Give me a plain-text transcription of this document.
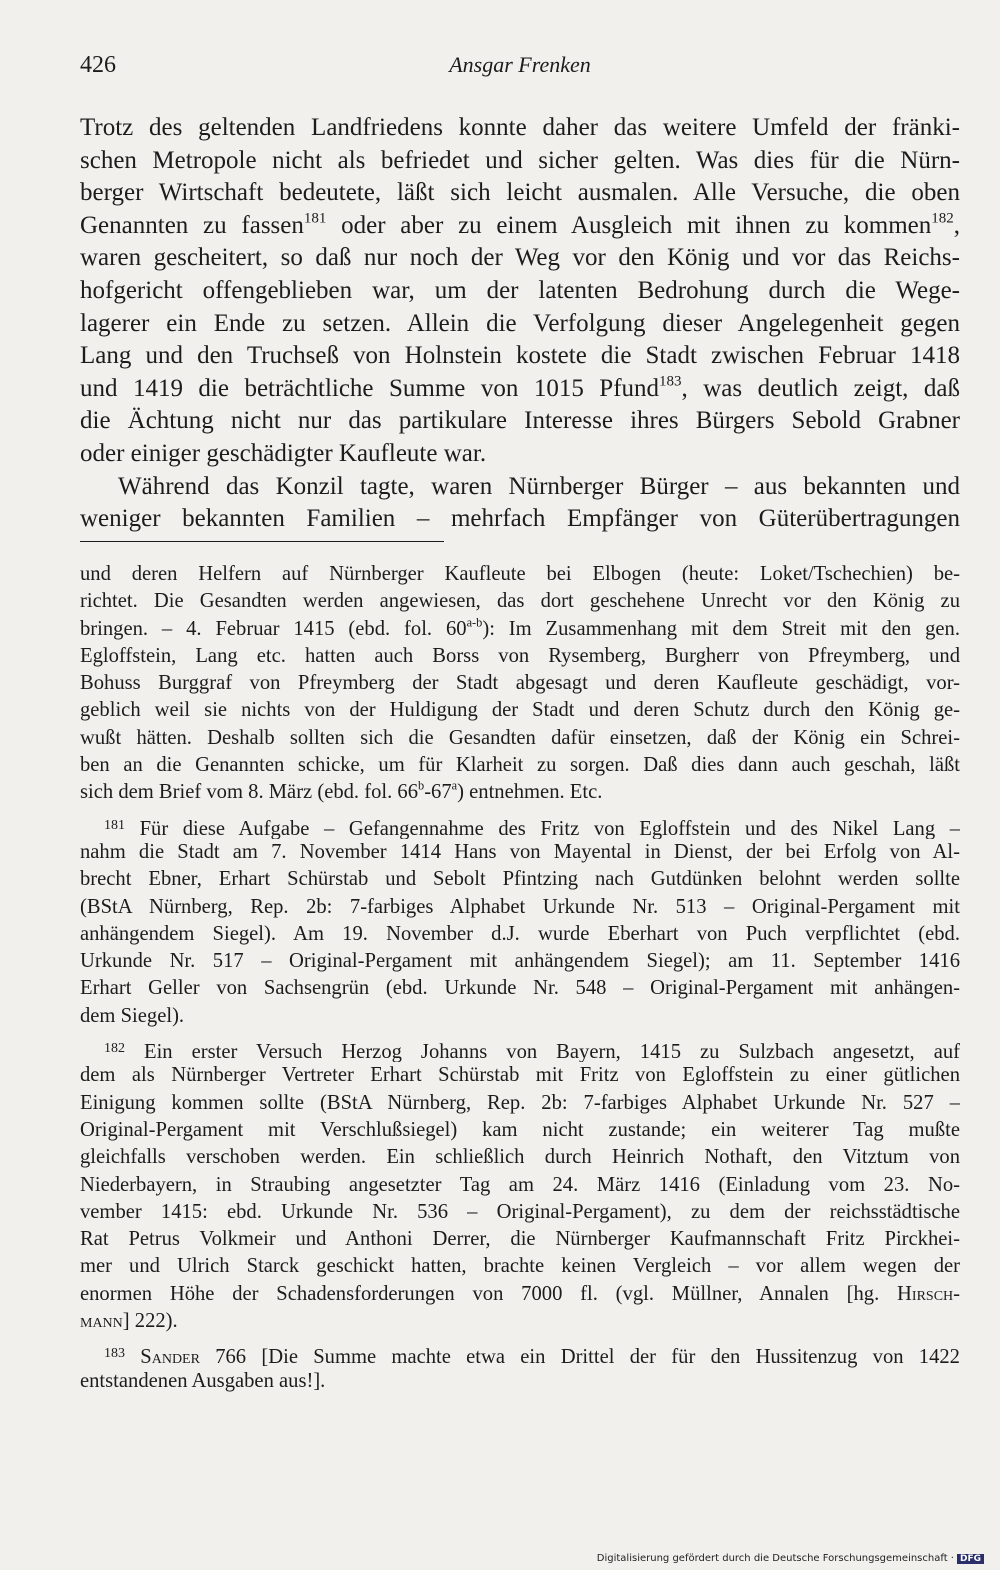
426	Ansgar Frenken
Trotz des geltenden Landfriedens konnte daher das weitere Umfeld der fränki-
schen Metropole nicht als befriedet und sicher gelten. Was dies für die Nürn-
berger Wirtschaft bedeutete, läßt sich leicht ausmalen. Alle Versuche, die oben
Genannten zu fassen$^{181}$ oder aber zu einem Ausgleich mit ihnen zu kommen$^{182}$,
waren gescheitert, so daß nur noch der Weg vor den König und vor das Reichs-
hofgericht offengeblieben war, um der latenten Bedrohung durch die Wege-
lagerer ein Ende zu setzen. Allein die Verfolgung dieser Angelegenheit gegen
Lang und den Truchseß von Holnstein kostete die Stadt zwischen Februar 1418
und 1419 die beträchtliche Summe von 1015 Pfund$^{183}$, was deutlich zeigt, daß
die Ächtung nicht nur das partikulare Interesse ihres Bürgers Sebold Grabner
oder einiger geschädigter Kaufleute war.
Während das Konzil tagte, waren Nürnberger Bürger – aus bekannten und
weniger bekannten Familien – mehrfach Empfänger von Güterübertragungen
und deren Helfern auf Nürnberger Kaufleute bei Elbogen (heute: Loket/Tschechien) be-
richtet. Die Gesandten werden angewiesen, das dort geschehene Unrecht vor den König zu
bringen. – 4. Februar 1415 (ebd. fol. 60$^{a-b}$): Im Zusammenhang mit dem Streit mit den gen.
Egloffstein, Lang etc. hatten auch Borss von Rysemberg, Burgherr von Pfreymberg, und
Bohuss Burggraf von Pfreymberg der Stadt abgesagt und deren Kaufleute geschädigt, vor-
geblich weil sie nichts von der Huldigung der Stadt und deren Schutz durch den König ge-
wußt hätten. Deshalb sollten sich die Gesandten dafür einsetzen, daß der König ein Schrei-
ben an die Genannten schicke, um für Klarheit zu sorgen. Daß dies dann auch geschah, läßt
sich dem Brief vom 8. März (ebd. fol. 66$^b$-67$^a$) entnehmen. Etc.
$^{181}$ Für diese Aufgabe – Gefangennahme des Fritz von Egloffstein und des Nikel Lang –
nahm die Stadt am 7. November 1414 Hans von Mayental in Dienst, der bei Erfolg von Al-
brecht Ebner, Erhart Schürstab und Sebolt Pfintzing nach Gutdünken belohnt werden sollte
(BStA Nürnberg, Rep. 2b: 7-farbiges Alphabet Urkunde Nr. 513 – Original-Pergament mit
anhängendem Siegel). Am 19. November d.J. wurde Eberhart von Puch verpflichtet (ebd.
Urkunde Nr. 517 – Original-Pergament mit anhängendem Siegel); am 11. September 1416
Erhart Geller von Sachsengrün (ebd. Urkunde Nr. 548 – Original-Pergament mit anhängen-
dem Siegel).
$^{182}$ Ein erster Versuch Herzog Johanns von Bayern, 1415 zu Sulzbach angesetzt, auf
dem als Nürnberger Vertreter Erhart Schürstab mit Fritz von Egloffstein zu einer gütlichen
Einigung kommen sollte (BStA Nürnberg, Rep. 2b: 7-farbiges Alphabet Urkunde Nr. 527 –
Original-Pergament mit Verschlußsiegel) kam nicht zustande; ein weiterer Tag mußte
gleichfalls verschoben werden. Ein schließlich durch Heinrich Nothaft, den Vitztum von
Niederbayern, in Straubing angesetzter Tag am 24. März 1416 (Einladung vom 23. No-
vember 1415: ebd. Urkunde Nr. 536 – Original-Pergament), zu dem der reichsstädtische
Rat Petrus Volkmeir und Anthoni Derrer, die Nürnberger Kaufmannschaft Fritz Pirckhei-
mer und Ulrich Starck geschickt hatten, brachte keinen Vergleich – vor allem wegen der
enormen Höhe der Schadensforderungen von 7000 fl. (vgl. Müllner, Annalen [hg. Hirsch-
mann] 222).
$^{183}$ Sander 766 [Die Summe machte etwa ein Drittel der für den Hussitenzug von 1422
entstandenen Ausgaben aus!].
Digitalisierung gefördert durch die Deutsche Forschungsgemeinschaft · DFG
